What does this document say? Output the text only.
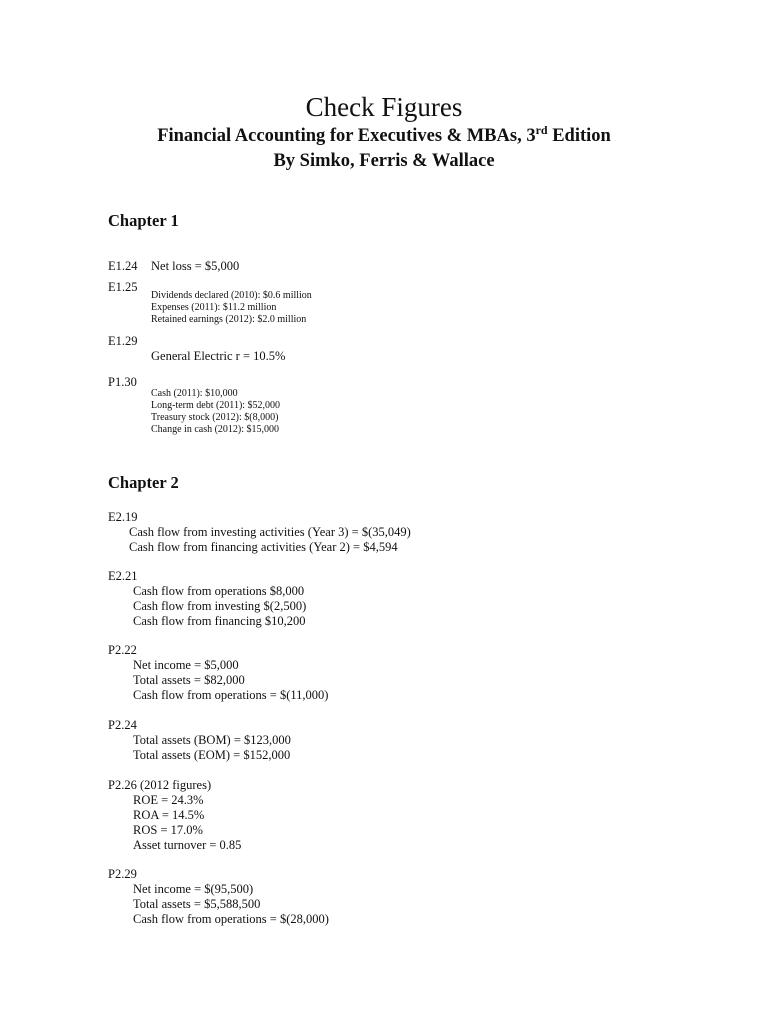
Check Figures
Financial Accounting for Executives & MBAs, 3rd Edition
By Simko, Ferris & Wallace
Chapter 1
E1.24 Net loss = $5,000
E1.25
Dividends declared (2010): $0.6 million
Expenses (2011): $11.2 million
Retained earnings (2012): $2.0 million
E1.29
General Electric r = 10.5%
P1.30
Cash (2011): $10,000
Long-term debt (2011): $52,000
Treasury stock (2012): $(8,000)
Change in cash (2012): $15,000
Chapter 2
E2.19
Cash flow from investing activities (Year 3) = $(35,049)
Cash flow from financing activities (Year 2) = $4,594
E2.21
Cash flow from operations $8,000
Cash flow from investing $(2,500)
Cash flow from financing $10,200
P2.22
Net income = $5,000
Total assets = $82,000
Cash flow from operations = $(11,000)
P2.24
Total assets (BOM) = $123,000
Total assets (EOM) = $152,000
P2.26 (2012 figures)
ROE = 24.3%
ROA = 14.5%
ROS = 17.0%
Asset turnover = 0.85
P2.29
Net income = $(95,500)
Total assets = $5,588,500
Cash flow from operations = $(28,000)
